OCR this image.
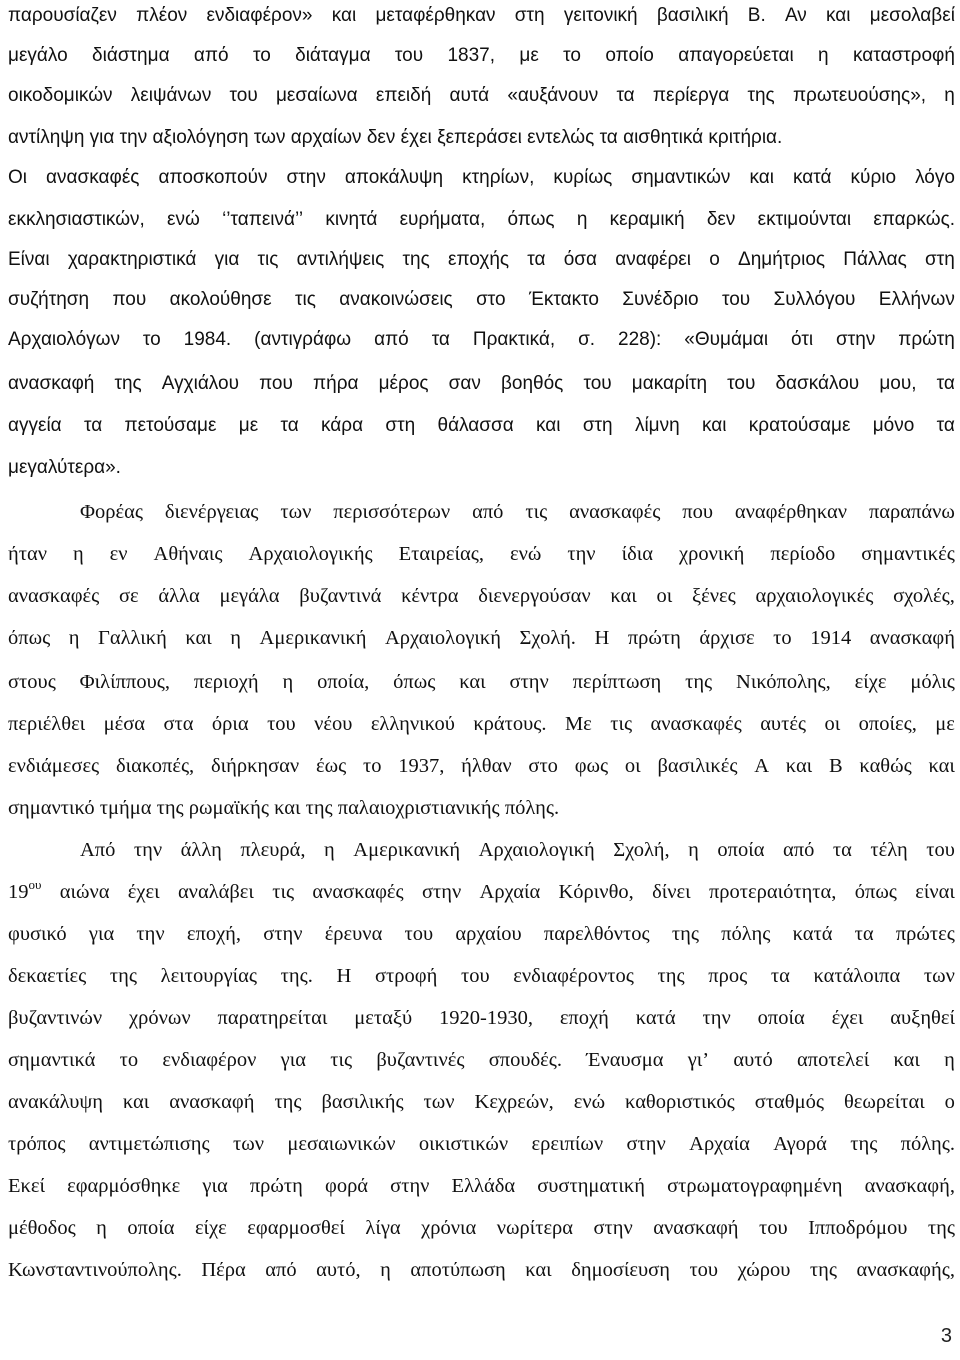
παρουσίαζεν πλέον ενδιαφέρον» και μεταφέρθηκαν στη γειτονική βασιλική Β. Αν και μεσολαβεί
μεγάλο διάστημα από το διάταγμα του 1837, με το οποίο απαγορεύεται η καταστροφή
οικοδομικών λειψάνων του μεσαίωνα επειδή αυτά «αυξάνουν τα περίεργα της πρωτευούσης», η
αντίληψη για την αξιολόγηση των αρχαίων δεν έχει ξεπεράσει εντελώς τα αισθητικά κριτήρια.
Οι ανασκαφές αποσκοπούν στην αποκάλυψη κτηρίων, κυρίως σημαντικών και κατά κύριο λόγο
εκκλησιαστικών, ενώ ‘’ταπεινά’’ κινητά ευρήματα, όπως η κεραμική δεν εκτιμούνται επαρκώς.
Είναι χαρακτηριστικά για τις αντιλήψεις της εποχής τα όσα αναφέρει ο Δημήτριος Πάλλας στη
συζήτηση που ακολούθησε τις ανακοινώσεις στο Έκτακτο Συνέδριο του Συλλόγου Ελλήνων
Αρχαιολόγων το 1984. (αντιγράφω από τα Πρακτικά, σ. 228): «Θυμάμαι ότι στην πρώτη
ανασκαφή της Αγχιάλου που πήρα μέρος σαν βοηθός του μακαρίτη του δασκάλου μου, τα
αγγεία τα πετούσαμε με τα κάρα στη θάλασσα και στη λίμνη και κρατούσαμε μόνο τα
μεγαλύτερα».
Φορέας διενέργειας των περισσότερων από τις ανασκαφές που αναφέρθηκαν παραπάνω
ήταν η εν Αθήναις Αρχαιολογικής Εταιρείας, ενώ την ίδια χρονική περίοδο σημαντικές
ανασκαφές σε άλλα μεγάλα βυζαντινά κέντρα διενεργούσαν και οι ξένες αρχαιολογικές σχολές,
όπως η Γαλλική και η Αμερικανική Αρχαιολογική Σχολή. Η πρώτη άρχισε το 1914 ανασκαφή
στους Φιλίππους, περιοχή η οποία, όπως και στην περίπτωση της Νικόπολης, είχε μόλις
περιέλθει μέσα στα όρια του νέου ελληνικού κράτους. Με τις ανασκαφές αυτές οι οποίες, με
ενδιάμεσες διακοπές, διήρκησαν έως το 1937, ήλθαν στο φως οι βασιλικές Α και Β καθώς και
σημαντικό τμήμα της ρωμαϊκής και της παλαιοχριστιανικής πόλης.
Από την άλλη πλευρά, η Αμερικανική Αρχαιολογική Σχολή, η οποία από τα τέλη του
$19^{o\upsilon}$ αιώνα έχει αναλάβει τις ανασκαφές στην Αρχαία Κόρινθο, δίνει προτεραιότητα, όπως είναι
φυσικό για την εποχή, στην έρευνα του αρχαίου παρελθόντος της πόλης κατά τα πρώτες
δεκαετίες της λειτουργίας της. Η στροφή του ενδιαφέροντος της προς τα κατάλοιπα των
βυζαντινών χρόνων παρατηρείται μεταξύ 1920-1930, εποχή κατά την οποία έχει αυξηθεί
σημαντικά το ενδιαφέρον για τις βυζαντινές σπουδές. Έναυσμα γι’ αυτό αποτελεί και η
ανακάλυψη και ανασκαφή της βασιλικής των Κεχρεών, ενώ καθοριστικός σταθμός θεωρείται ο
τρόπος αντιμετώπισης των μεσαιωνικών οικιστικών ερειπίων στην Αρχαία Αγορά της πόλης.
Εκεί εφαρμόσθηκε για πρώτη φορά στην Ελλάδα συστηματική στρωματογραφημένη ανασκαφή,
μέθοδος η οποία είχε εφαρμοσθεί λίγα χρόνια νωρίτερα στην ανασκαφή του Ιπποδρόμου της
Κωνσταντινούπολης. Πέρα από αυτό, η αποτύπωση και δημοσίευση του χώρου της ανασκαφής,
3
